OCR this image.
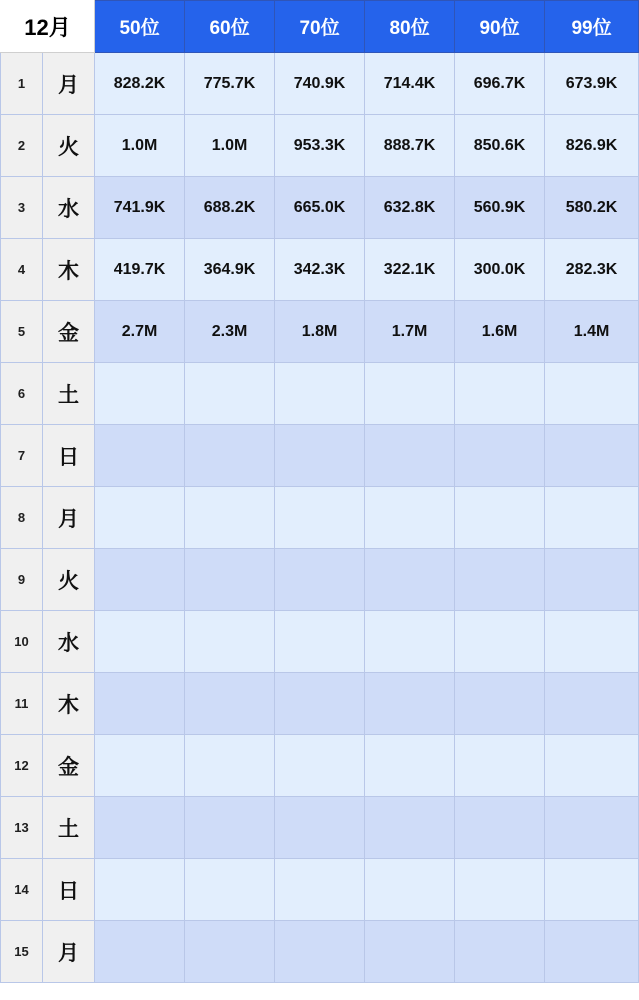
12月		50位	60位	70位	80位	90位	99位
1	月	828.2K	775.7K	740.9K	714.4K	696.7K	673.9K
2	火	1.0M	1.0M	953.3K	888.7K	850.6K	826.9K
3	水	741.9K	688.2K	665.0K	632.8K	560.9K	580.2K
4	木	419.7K	364.9K	342.3K	322.1K	300.0K	282.3K
5	金	2.7M	2.3M	1.8M	1.7M	1.6M	1.4M
6	土						
7	日						
8	月						
9	火						
10	水						
11	木						
12	金						
13	土						
14	日						
15	月						
